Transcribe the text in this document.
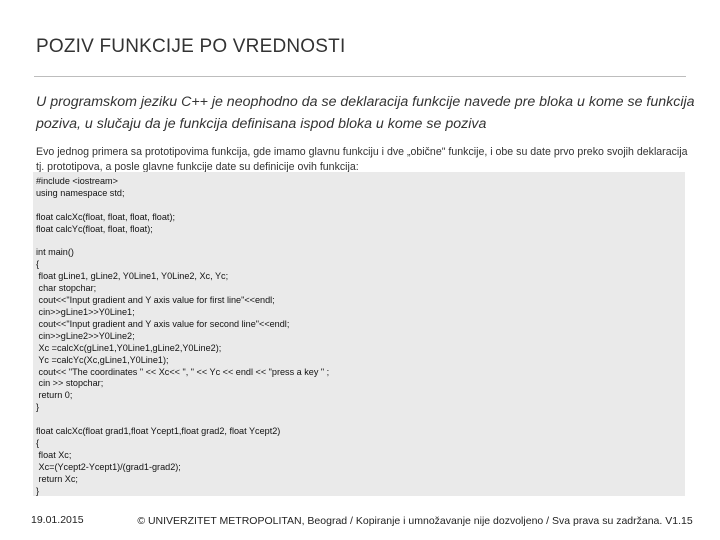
POZIV FUNKCIJE PO VREDNOSTI
U programskom jeziku C++ je neophodno da se deklaracija funkcije navede pre bloka u kome se funkcija poziva, u slučaju da je funkcija definisana ispod bloka u kome se poziva
Evo jednog primera sa prototipovima funkcija, gde imamo glavnu funkciju i dve „obične" funkcije, i obe su date prvo preko svojih deklaracija tj. prototipova, a posle glavne funkcije date su definicije ovih funkcija:
#include <iostream>
using namespace std;

float calcXc(float, float, float, float);
float calcYc(float, float, float);

int main()
{
float gLine1, gLine2, Y0Line1, Y0Line2, Xc, Yc;
char stopchar;
cout<<"Input gradient and Y axis value for first line"<<endl;
cin>>gLine1>>Y0Line1;
cout<<"Input gradient and Y axis value for second line"<<endl;
cin>>gLine2>>Y0Line2;
Xc =calcXc(gLine1,Y0Line1,gLine2,Y0Line2);
Yc =calcYc(Xc,gLine1,Y0Line1);
cout<< "The coordinates " << Xc<< ", " << Yc << endl << "press a key " ;
cin >> stopchar;
return 0;
}

float calcXc(float grad1,float Ycept1,float grad2, float Ycept2)
{
float Xc;
Xc=(Ycept2-Ycept1)/(grad1-grad2);
return Xc;
}
19.01.2015	© UNIVERZITET METROPOLITAN, Beograd / Kopiranje i umnožavanje nije dozvoljeno / Sva prava su zadržana. V1.15
